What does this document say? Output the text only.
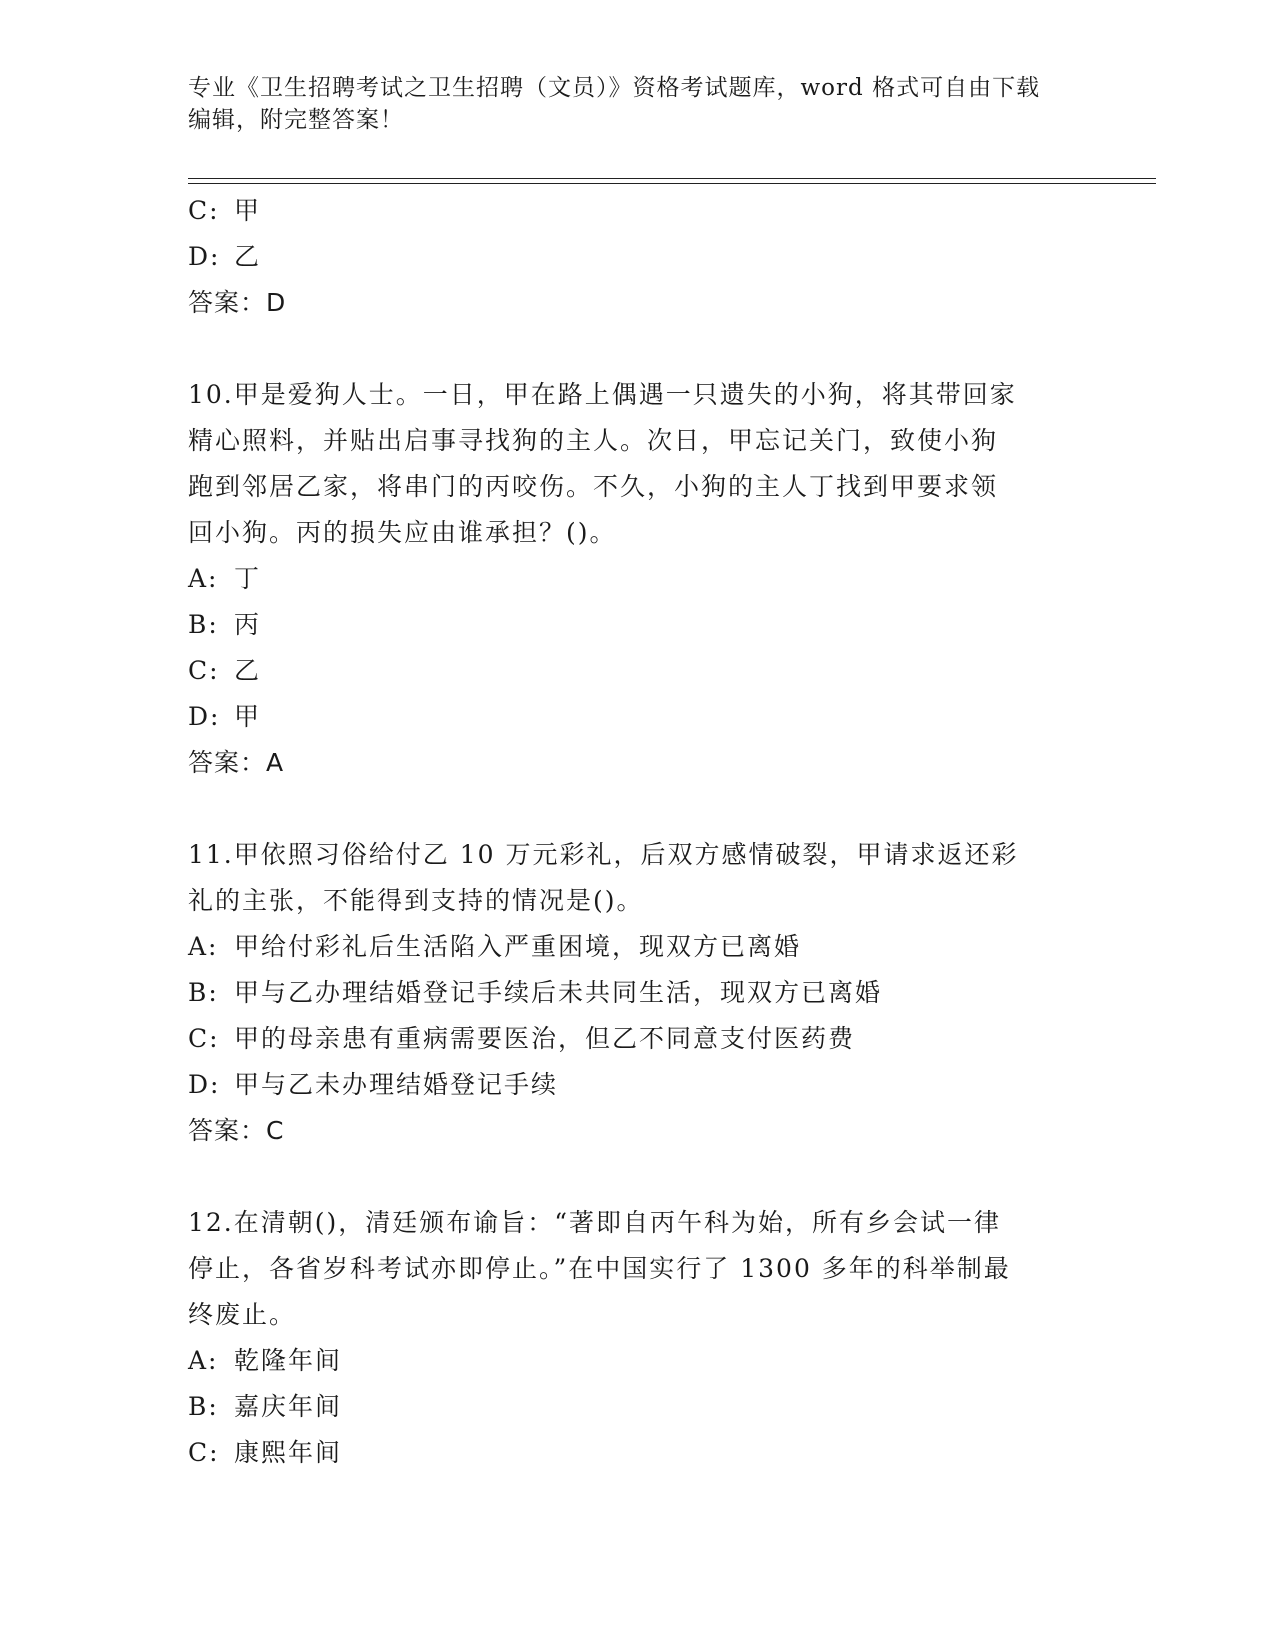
专业《卫生招聘考试之卫生招聘（文员）》资格考试题库，word 格式可自由下载
编辑，附完整答案！
C: 甲
D: 乙
答案：D
10.甲是爱狗人士。一日，甲在路上偶遇一只遗失的小狗，将其带回家
精心照料，并贴出启事寻找狗的主人。次日，甲忘记关门，致使小狗
跑到邻居乙家，将串门的丙咬伤。不久，小狗的主人丁找到甲要求领
回小狗。丙的损失应由谁承担？()。
A: 丁
B: 丙
C: 乙
D: 甲
答案：A
11.甲依照习俗给付乙 10 万元彩礼，后双方感情破裂，甲请求返还彩
礼的主张，不能得到支持的情况是()。
A: 甲给付彩礼后生活陷入严重困境，现双方已离婚
B: 甲与乙办理结婚登记手续后未共同生活，现双方已离婚
C: 甲的母亲患有重病需要医治，但乙不同意支付医药费
D: 甲与乙未办理结婚登记手续
答案：C
12.在清朝()，清廷颁布谕旨：“著即自丙午科为始，所有乡会试一律
停止，各省岁科考试亦即停止。”在中国实行了 1300 多年的科举制最
终废止。
A: 乾隆年间
B: 嘉庆年间
C: 康熙年间
